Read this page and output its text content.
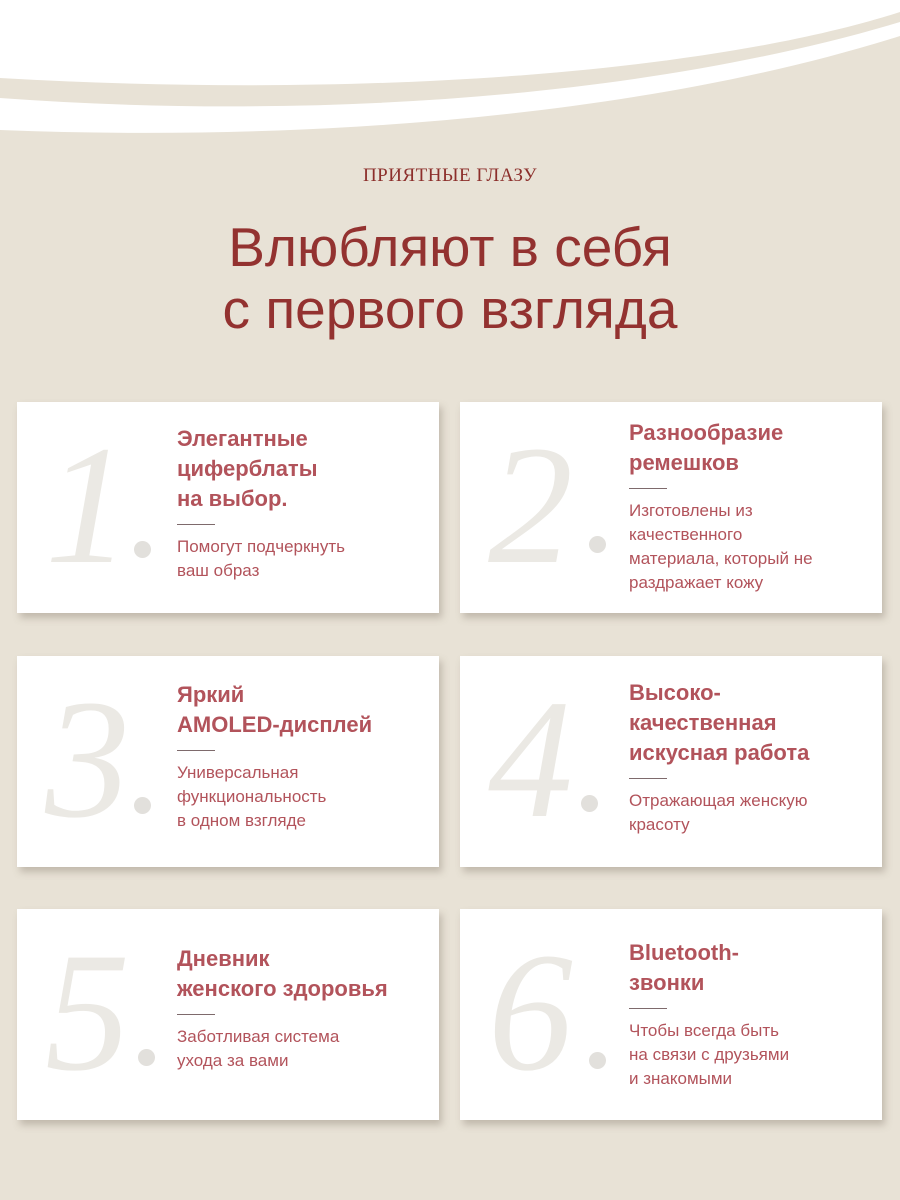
ПРИЯТНЫЕ ГЛАЗУ
Влюбляют в себя
с первого взгляда
1 Элегантные
циферблаты
на выбор.
Помогут подчеркнуть
ваш образ	2	Разнообразие
ремешков
Изготовлены из
качественного
материала, который не
раздражает кожу
3 Яркий
AMOLED-дисплей
Универсальная
функциональность
в одном взгляде	4	Высоко-
качественная
искусная работа
Отражающая женскую
красоту
5 Дневник
женского здоровья
Заботливая система
ухода за вами	6	Bluetooth-
звонки
Чтобы всегда быть
на связи с друзьями
и знакомыми
